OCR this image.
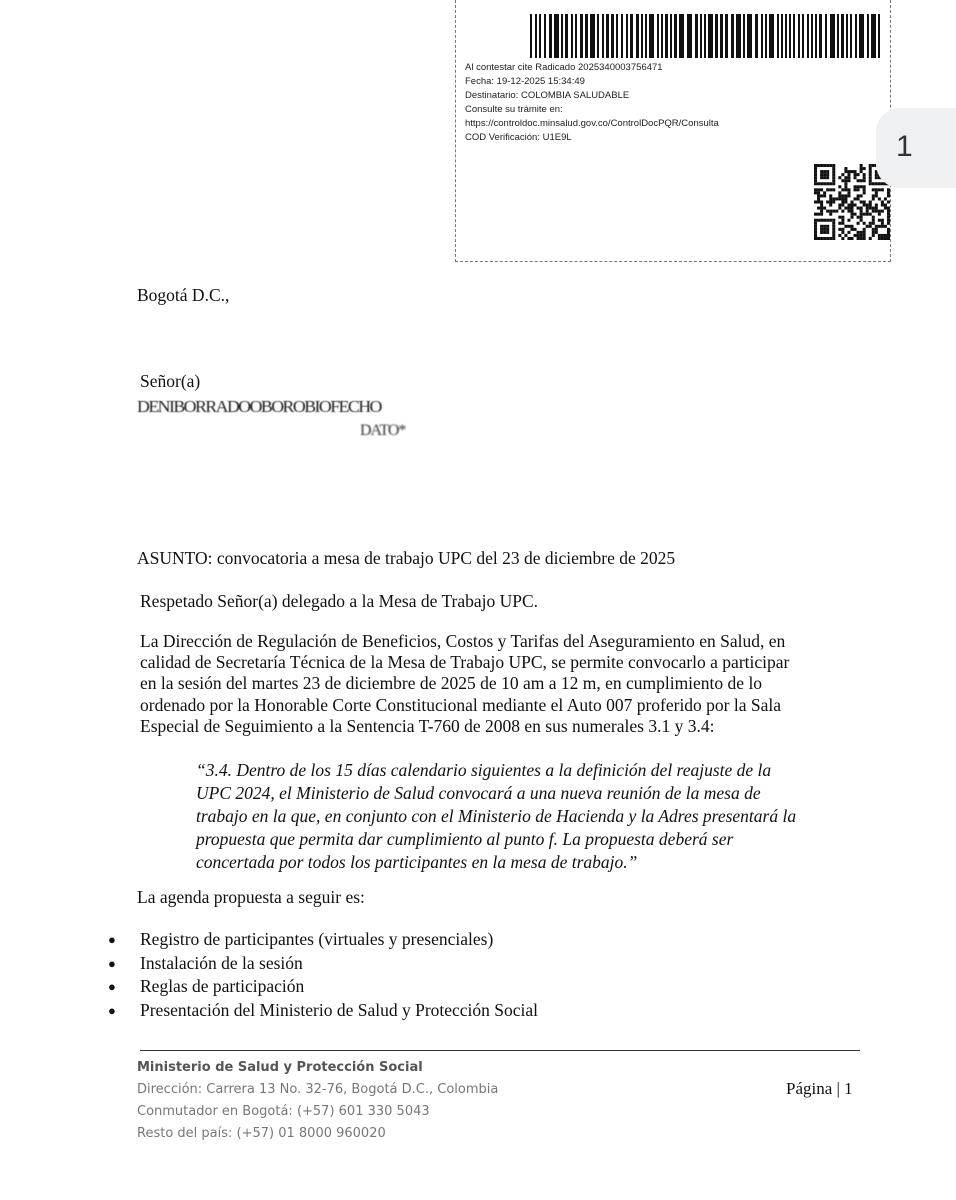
Al contestar cite Radicado 2025340003756471
Fecha: 19-12-2025 15:34:49
Destinatario: COLOMBIA SALUDABLE
Consulte su trámite en:
https://controldoc.minsalud.gov.co/ControlDocPQR/Consulta
COD Verificación: U1E9L	1
Bogotá D.C.,
Señor(a)
DENIBORRADOOBOROBIOFECHO
DATO*
ASUNTO: convocatoria a mesa de trabajo UPC del 23 de diciembre de 2025
Respetado Señor(a) delegado a la Mesa de Trabajo UPC.
La Dirección de Regulación de Beneficios, Costos y Tarifas del Aseguramiento en Salud, en
calidad de Secretaría Técnica de la Mesa de Trabajo UPC, se permite convocarlo a participar
en la sesión del martes 23 de diciembre de 2025 de 10 am a 12 m, en cumplimiento de lo
ordenado por la Honorable Corte Constitucional mediante el Auto 007 proferido por la Sala
Especial de Seguimiento a la Sentencia T-760 de 2008 en sus numerales 3.1 y 3.4:
“3.4. Dentro de los 15 días calendario siguientes a la definición del reajuste de la
UPC 2024, el Ministerio de Salud convocará a una nueva reunión de la mesa de
trabajo en la que, en conjunto con el Ministerio de Hacienda y la Adres presentará la
propuesta que permita dar cumplimiento al punto f. La propuesta deberá ser
concertada por todos los participantes en la mesa de trabajo.”
La agenda propuesta a seguir es:
●	Registro de participantes (virtuales y presenciales)
●	Instalación de la sesión
●	Reglas de participación
●	Presentación del Ministerio de Salud y Protección Social
Ministerio de Salud y Protección Social
Dirección: Carrera 13 No. 32-76, Bogotá D.C., Colombia
Conmutador en Bogotá: (+57) 601 330 5043
Resto del país: (+57) 01 8000 960020
Página | 1
